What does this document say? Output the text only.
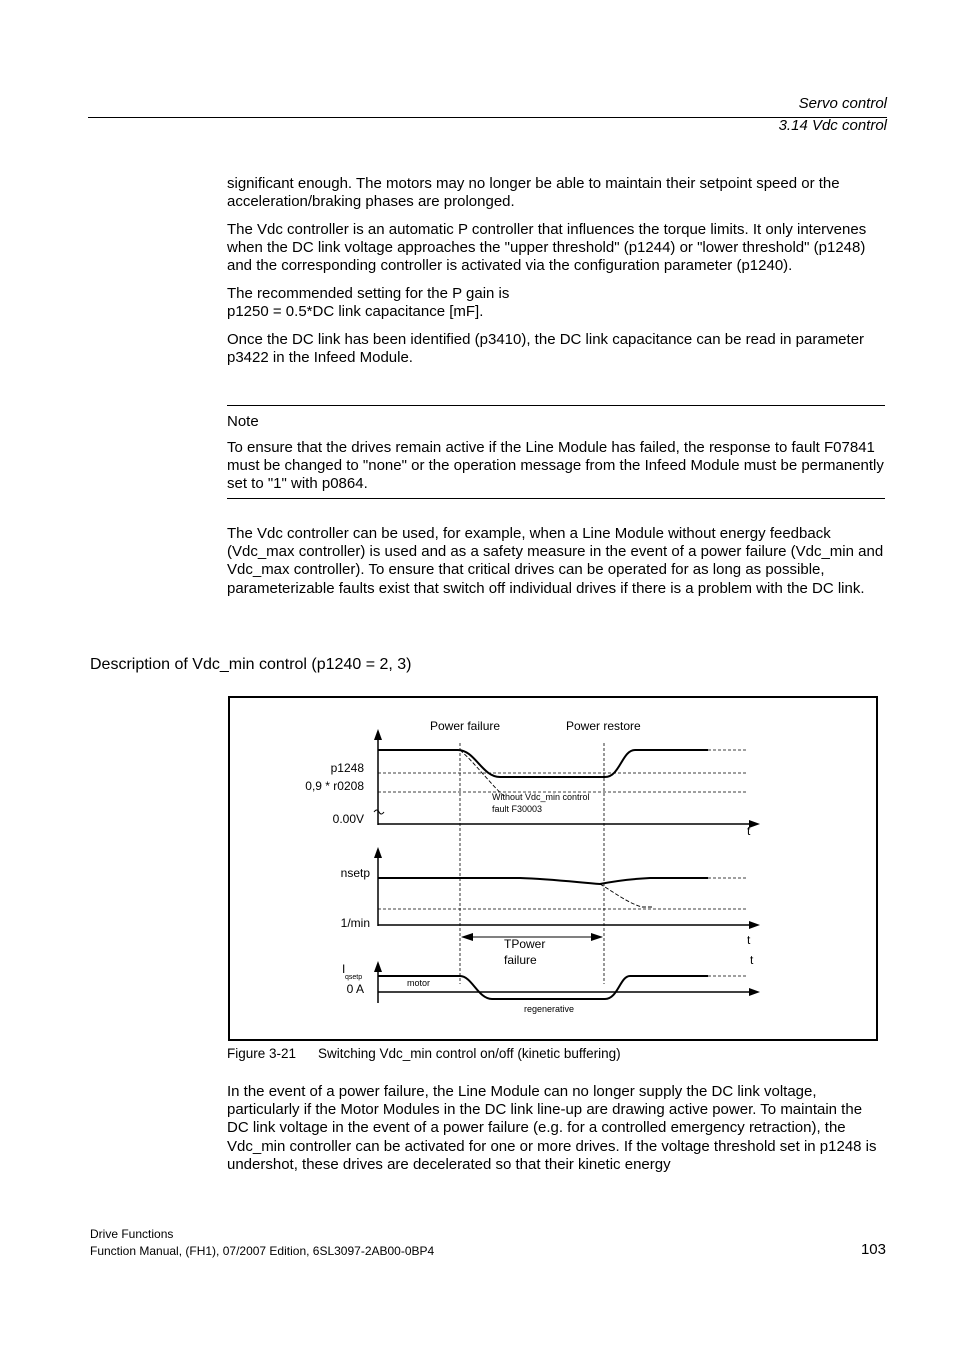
Servo control
3.14 Vdc control

significant enough. The motors may no longer be able to maintain their setpoint speed or the acceleration/braking phases are prolonged.

The Vdc controller is an automatic P controller that influences the torque limits. It only intervenes when the DC link voltage approaches the "upper threshold" (p1244) or "lower threshold" (p1248) and the corresponding controller is activated via the configuration parameter (p1240).

The recommended setting for the P gain is
p1250 = 0.5*DC link capacitance [mF].

Once the DC link has been identified (p3410), the DC link capacitance can be read in parameter p3422 in the Infeed Module.

Note
To ensure that the drives remain active if the Line Module has failed, the response to fault F07841 must be changed to "none" or the operation message from the Infeed Module must be permanently set to "1" with p0864.

The Vdc controller can be used, for example, when a Line Module without energy feedback (Vdc_max controller) is used and as a safety measure in the event of a power failure (Vdc_min and Vdc_max controller). To ensure that critical drives can be operated for as long as possible, parameterizable faults exist that switch off individual drives if there is a problem with the DC link.

Description of Vdc_min control (p1240 = 2, 3)
Power failure	Power restore
p1248
0,9 * r0208
Without Vdc_min control
fault F30003
0.00V
t
nsetp
1/min
TPower
failure
t
t
I
qsetp
0 A	motor
regenerative
Figure 3-21 Switching Vdc_min control on/off (kinetic buffering)

In the event of a power failure, the Line Module can no longer supply the DC link voltage, particularly if the Motor Modules in the DC link line-up are drawing active power. To maintain the DC link voltage in the event of a power failure (e.g. for a controlled emergency retraction), the Vdc_min controller can be activated for one or more drives. If the voltage threshold set in p1248 is undershot, these drives are decelerated so that their kinetic energy

Drive Functions
Function Manual, (FH1), 07/2007 Edition, 6SL3097-2AB00-0BP4	103
